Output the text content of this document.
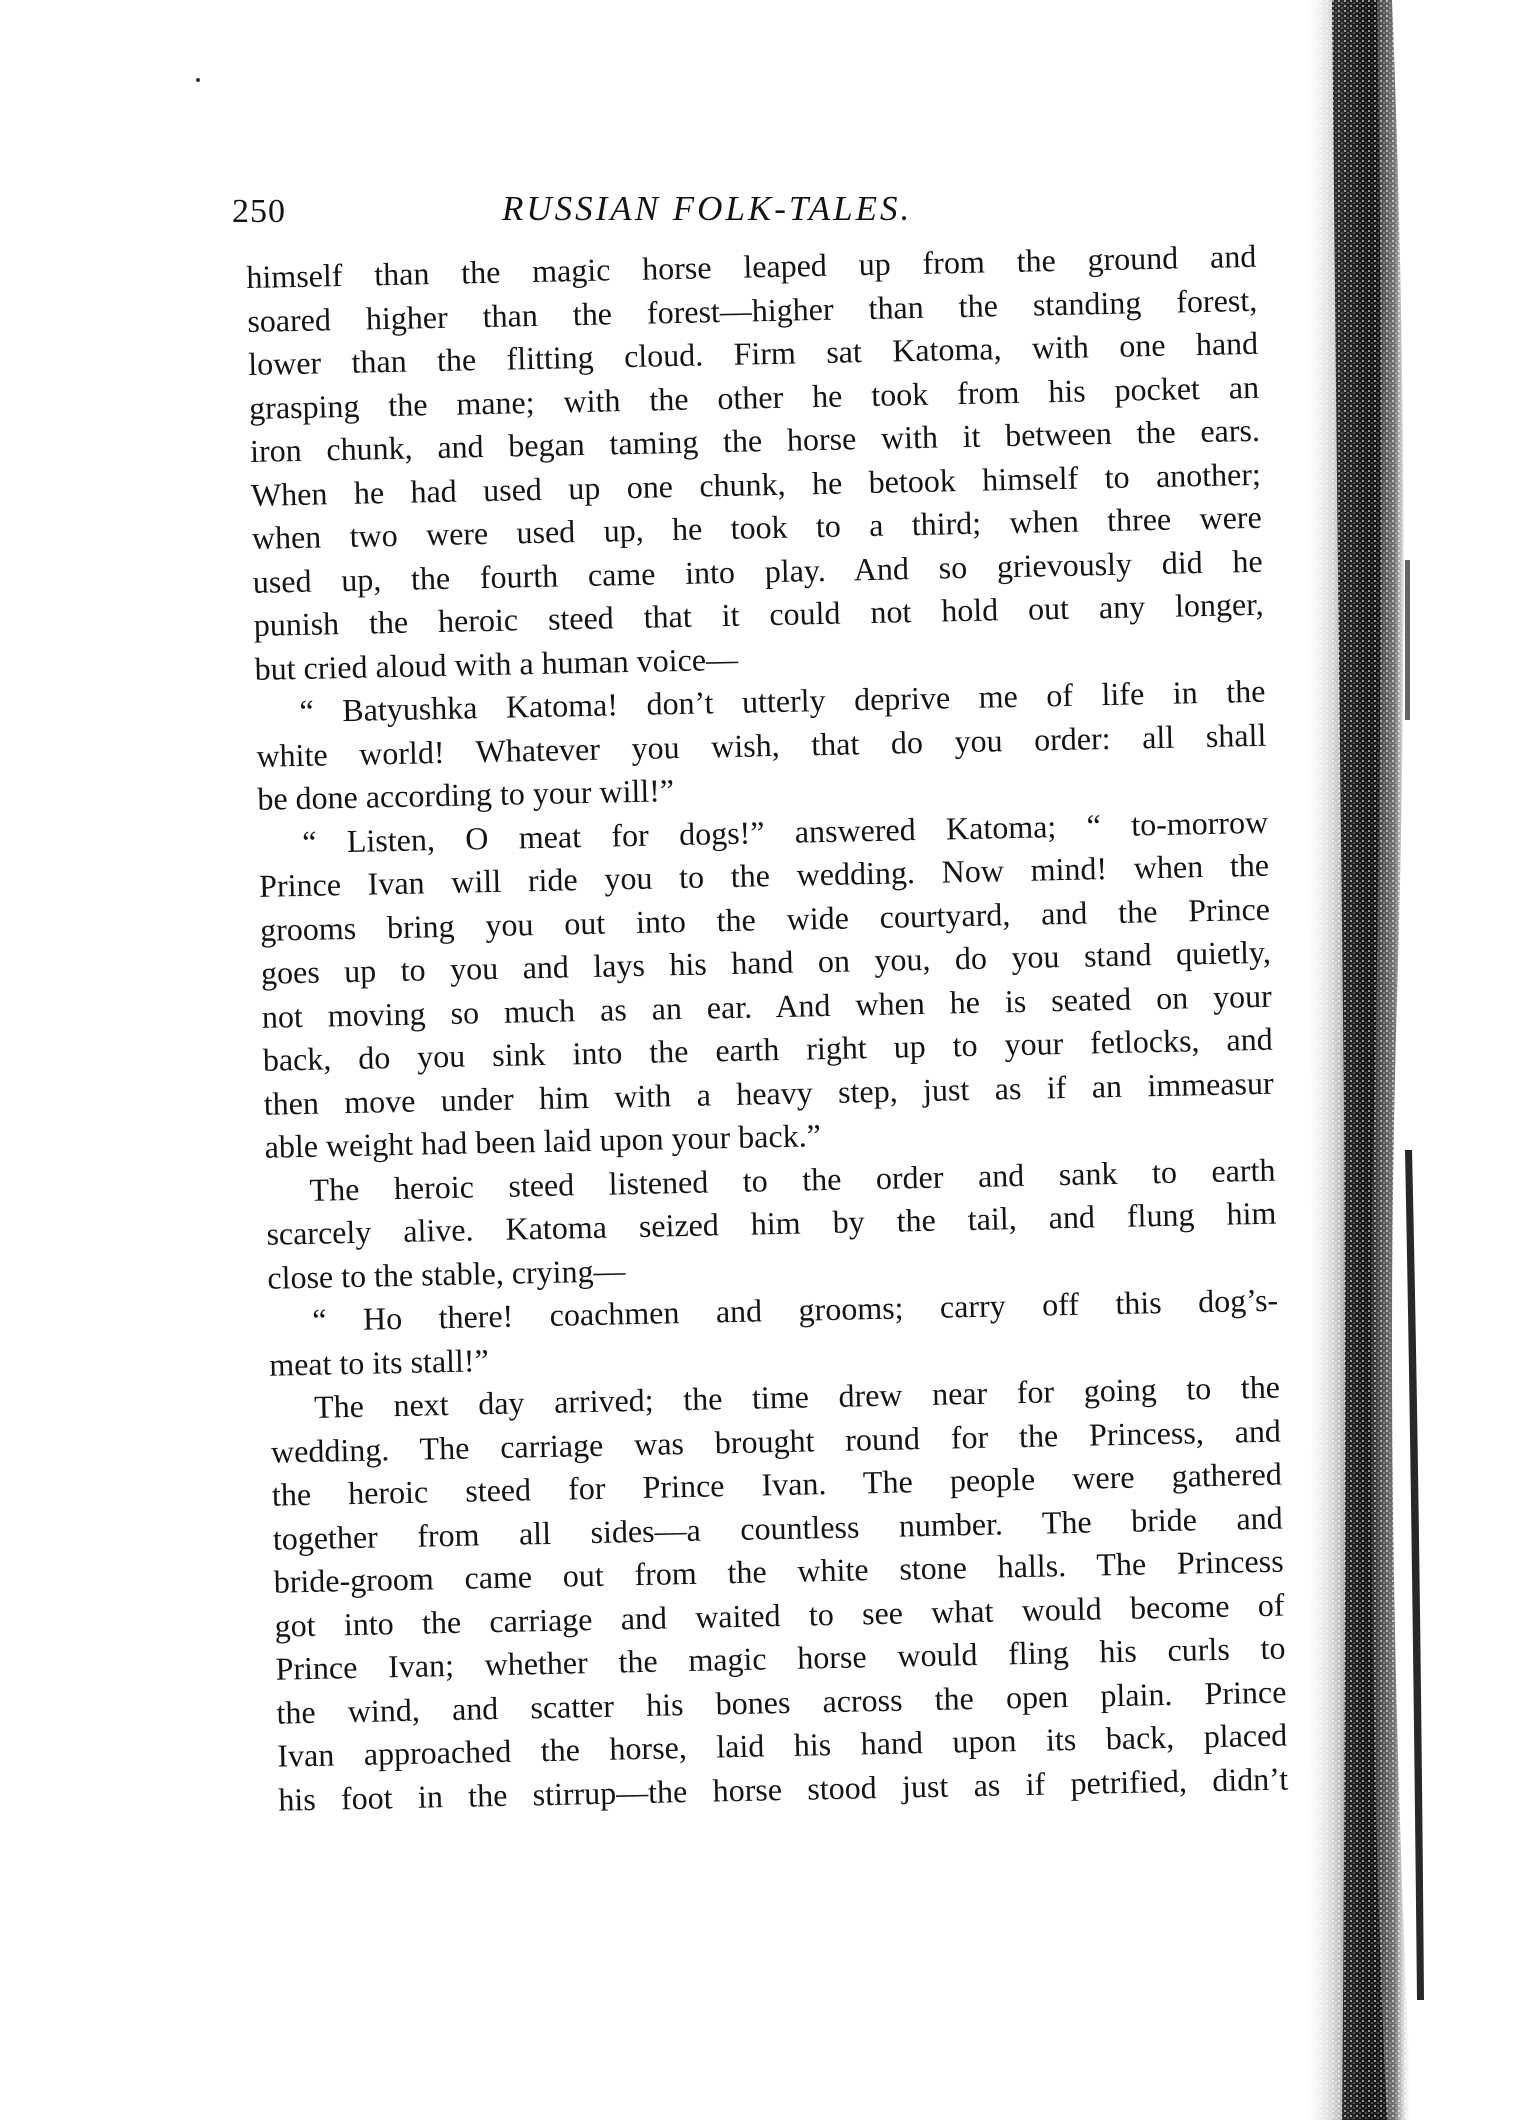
250	RUSSIAN FOLK-TALES.
himself than the magic horse leaped up from the ground and
soared higher than the forest—higher than the standing forest,
lower than the flitting cloud. Firm sat Katoma, with one hand
grasping the mane; with the other he took from his pocket an
iron chunk, and began taming the horse with it between the ears.
When he had used up one chunk, he betook himself to another;
when two were used up, he took to a third; when three were
used up, the fourth came into play. And so grievously did he
punish the heroic steed that it could not hold out any longer,
but cried aloud with a human voice—
“ Batyushka Katoma! don’t utterly deprive me of life in the
white world! Whatever you wish, that do you order: all shall
be done according to your will!”
“ Listen, O meat for dogs!” answered Katoma; “ to-morrow
Prince Ivan will ride you to the wedding. Now mind! when the
grooms bring you out into the wide courtyard, and the Prince
goes up to you and lays his hand on you, do you stand quietly,
not moving so much as an ear. And when he is seated on your
back, do you sink into the earth right up to your fetlocks, and
then move under him with a heavy step, just as if an immeasur
able weight had been laid upon your back.”
The heroic steed listened to the order and sank to earth
scarcely alive. Katoma seized him by the tail, and flung him
close to the stable, crying—
“ Ho there! coachmen and grooms; carry off this dog’s-
meat to its stall!”
The next day arrived; the time drew near for going to the
wedding. The carriage was brought round for the Princess, and
the heroic steed for Prince Ivan. The people were gathered
together from all sides—a countless number. The bride and
bride-groom came out from the white stone halls. The Princess
got into the carriage and waited to see what would become of
Prince Ivan; whether the magic horse would fling his curls to
the wind, and scatter his bones across the open plain. Prince
Ivan approached the horse, laid his hand upon its back, placed
his foot in the stirrup—the horse stood just as if petrified, didn’t
